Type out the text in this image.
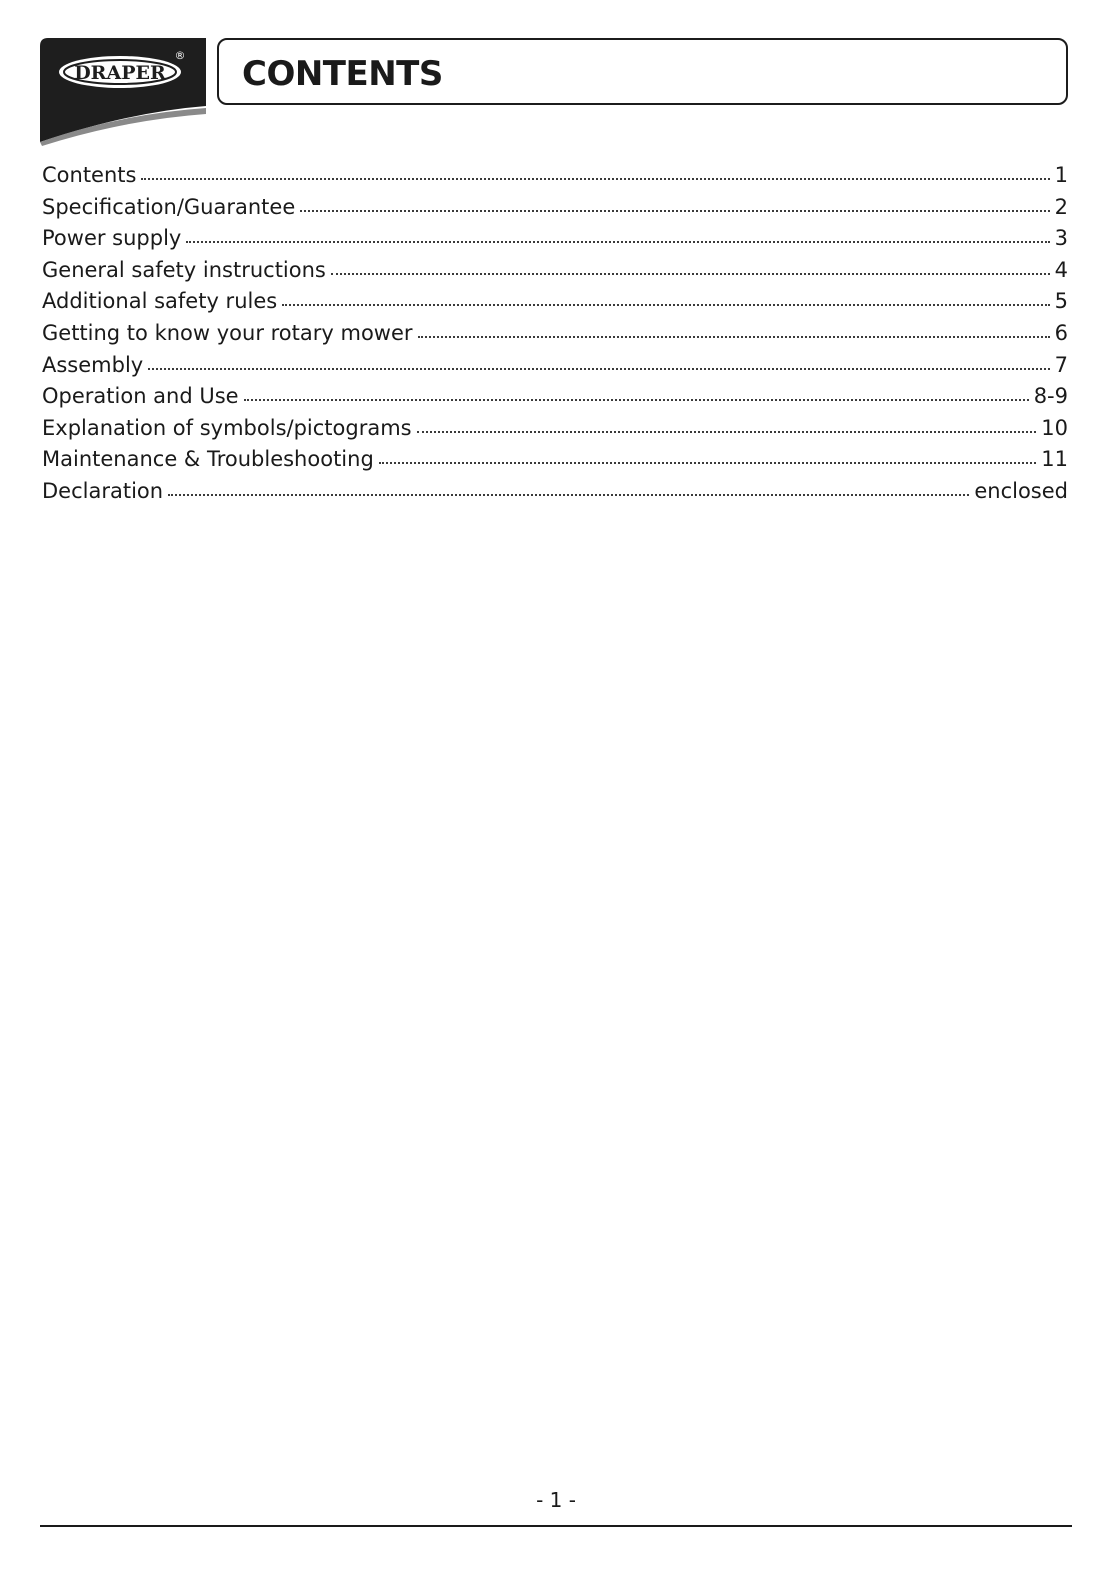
DRAPER
® CONTENTS
Contents	1
Specification/Guarantee	2
Power supply	3
General safety instructions	4
Additional safety rules	5
Getting to know your rotary mower	6
Assembly	7
Operation and Use	8-9
Explanation of symbols/pictograms	10
Maintenance & Troubleshooting	11
Declaration	enclosed
- 1 -
